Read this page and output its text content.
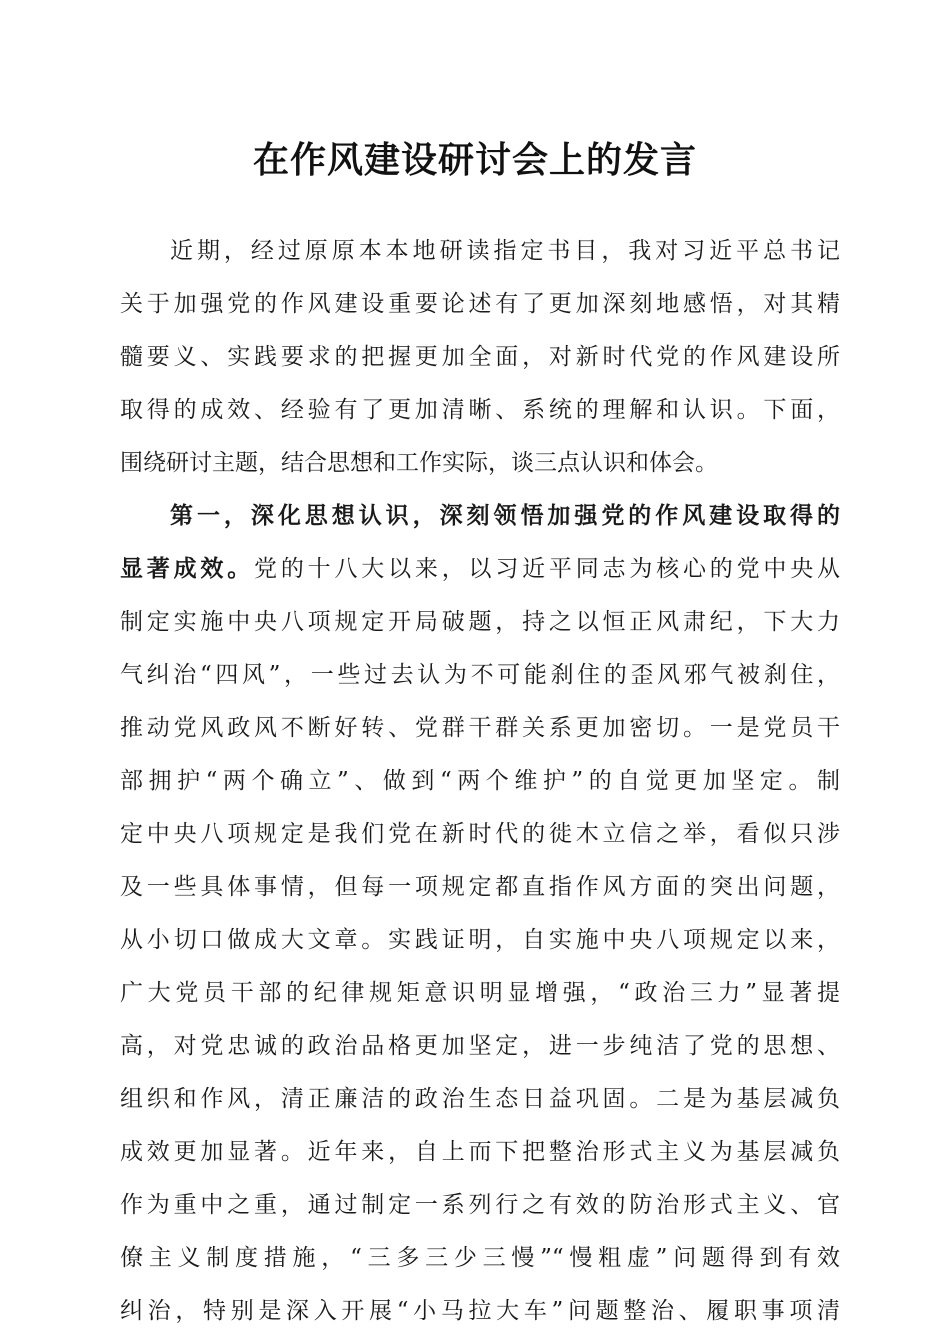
在作风建设研讨会上的发言
近期，经过原原本本地研读指定书目，我对习近平总书记
关于加强党的作风建设重要论述有了更加深刻地感悟，对其精
髓要义、实践要求的把握更加全面，对新时代党的作风建设所
取得的成效、经验有了更加清晰、系统的理解和认识。下面，
围绕研讨主题，结合思想和工作实际，谈三点认识和体会。
第一，深化思想认识，深刻领悟加强党的作风建设取得的
显著成效。党的十八大以来，以习近平同志为核心的党中央从
制定实施中央八项规定开局破题，持之以恒正风肃纪，下大力
气纠治“四风”，一些过去认为不可能刹住的歪风邪气被刹住，
推动党风政风不断好转、党群干群关系更加密切。一是党员干
部拥护“两个确立”、做到“两个维护”的自觉更加坚定。制
定中央八项规定是我们党在新时代的徙木立信之举，看似只涉
及一些具体事情，但每一项规定都直指作风方面的突出问题，
从小切口做成大文章。实践证明，自实施中央八项规定以来，
广大党员干部的纪律规矩意识明显增强，“政治三力”显著提
高，对党忠诚的政治品格更加坚定，进一步纯洁了党的思想、
组织和作风，清正廉洁的政治生态日益巩固。二是为基层减负
成效更加显著。近年来，自上而下把整治形式主义为基层减负
作为重中之重，通过制定一系列行之有效的防治形式主义、官
僚主义制度措施，“三多三少三慢”“慢粗虚”问题得到有效
纠治，特别是深入开展“小马拉大车”问题整治、履职事项清
